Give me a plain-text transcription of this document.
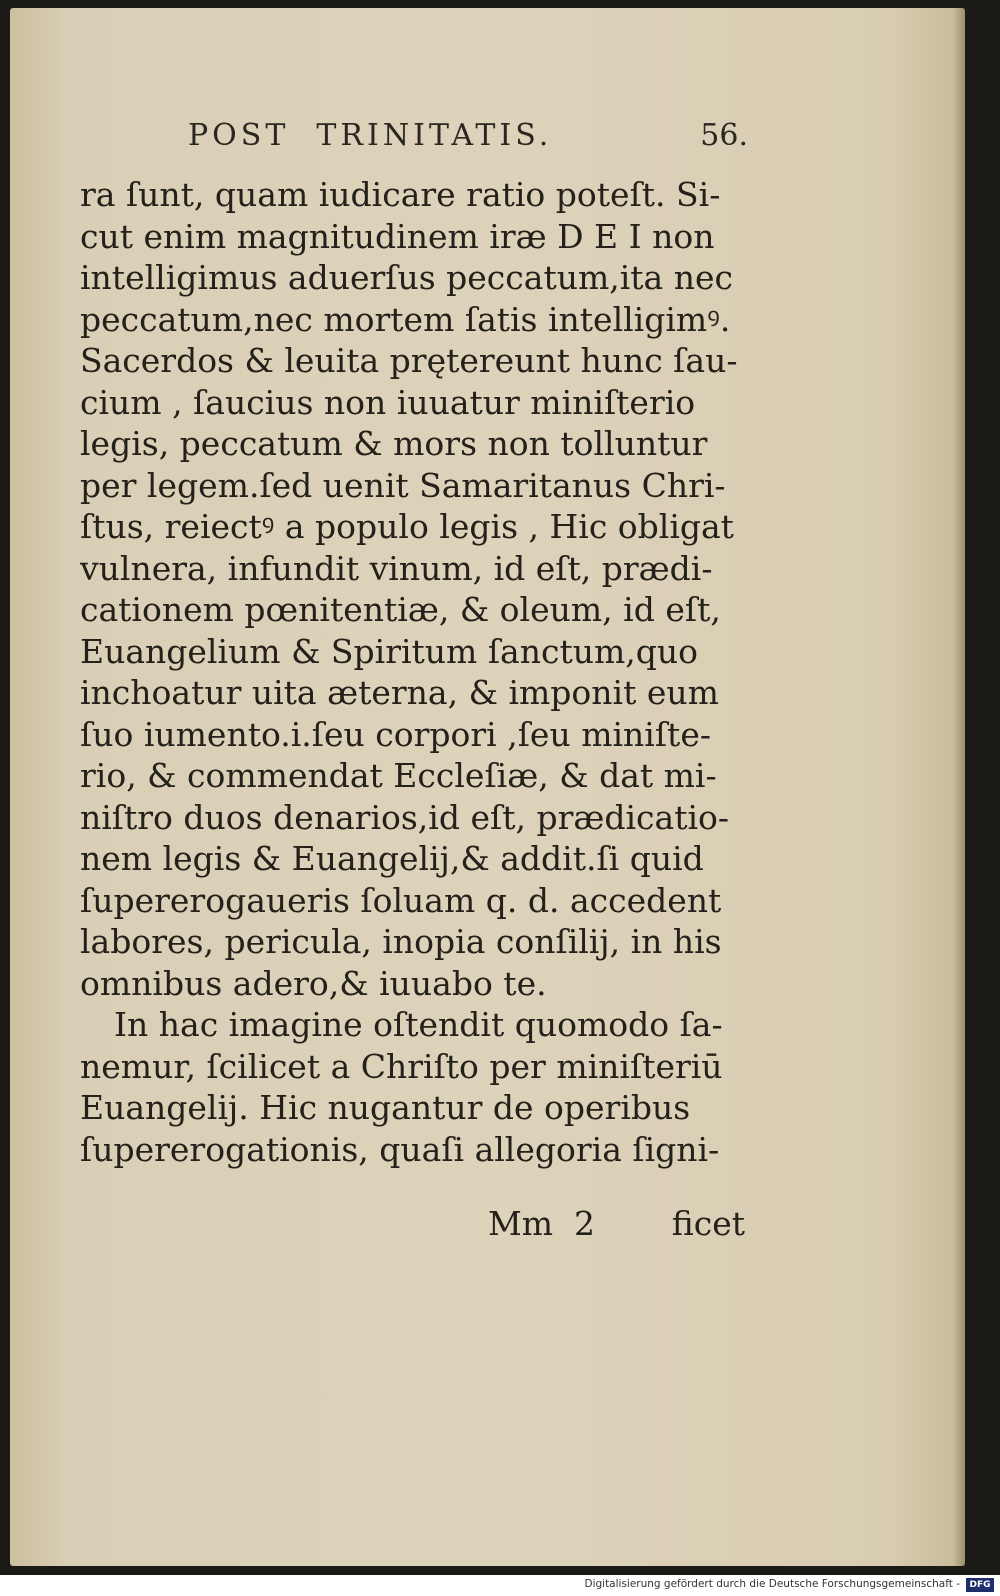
POST  TRINITATIS.	56.
ra ſunt, quam iudicare ratio poteſt. Si-
cut enim magnitudinem iræ D E I non
intelligimus aduerſus peccatum,ita nec
peccatum,nec mortem ſatis intelligimꝰ.
Sacerdos & leuita prętereunt hunc ſau-
cium , ſaucius non iuuatur miniſterio
legis, peccatum & mors non tolluntur
per legem.ſed uenit Samaritanus Chri-
ſtus, reiectꝰ a populo legis , Hic obligat
vulnera, infundit vinum, id eſt, prædi-
cationem pœnitentiæ, & oleum, id eſt,
Euangelium & Spiritum ſanctum,quo
inchoatur uita æterna, & imponit eum
ſuo iumento.i.ſeu corpori ,ſeu miniſte-
rio, & commendat Eccleſiæ, & dat mi-
niſtro duos denarios,id eſt, prædicatio-
nem legis & Euangelij,& addit.ſi quid
ſupererogaueris ſoluam q. d. accedent
labores, pericula, inopia conſilij, in his
omnibus adero,& iuuabo te.
In hac imagine oſtendit quomodo ſa-
nemur, ſcilicet a Chriſto per miniſteriū
Euangelij. Hic nugantur de operibus
ſupererogationis, quaſi allegoria ſigni-
Mm  2 ficet
Digitalisierung gefördert durch die Deutsche Forschungsgemeinschaft -	DFG
